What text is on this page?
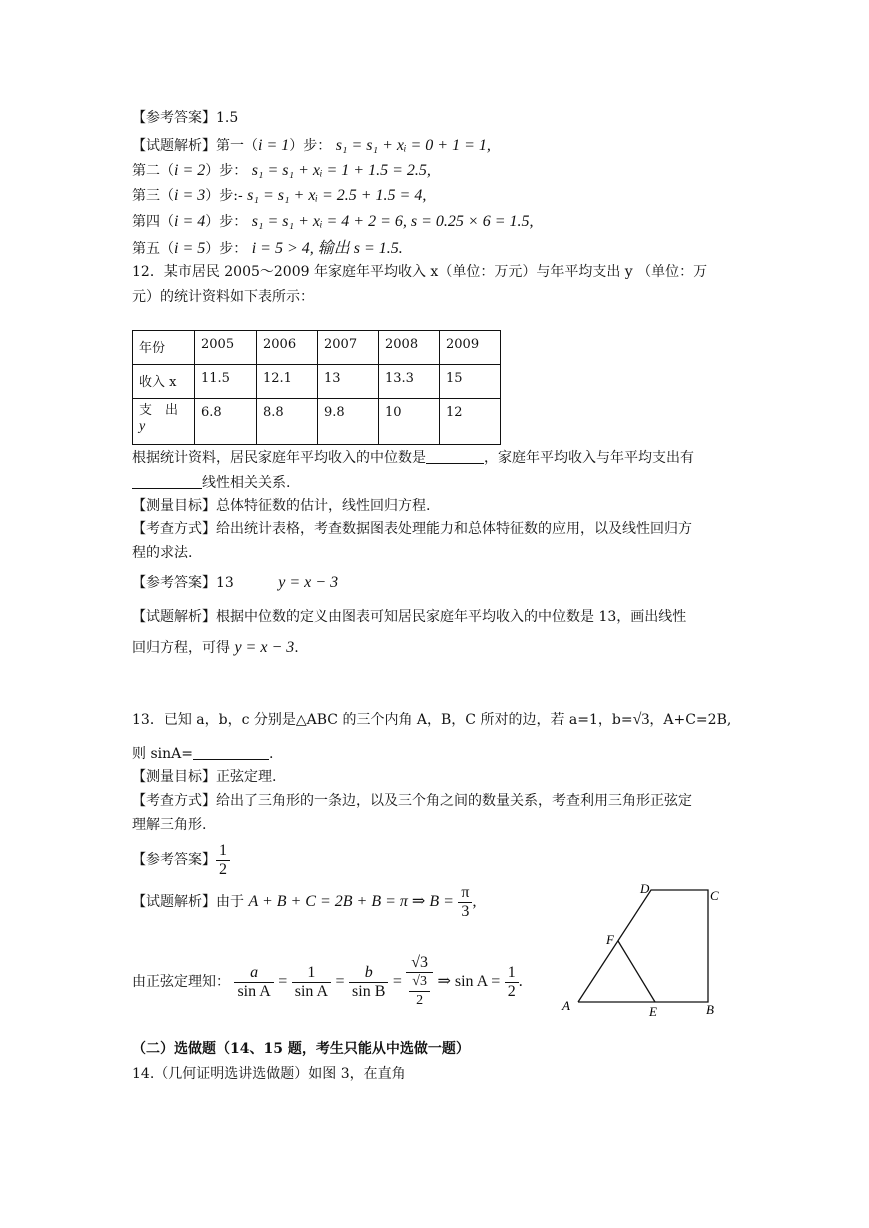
【参考答案】1.5
【试题解析】第一（i = 1）步： s₁ = s₁ + xᵢ = 0 + 1 = 1,
第二（i = 2）步： s₁ = s₁ + xᵢ = 1 + 1.5 = 2.5,
第三（i = 3）步:- s₁ = s₁ + xᵢ = 2.5 + 1.5 = 4,
第四（i = 4）步： s₁ = s₁ + xᵢ = 4 + 2 = 6, s = 0.25 × 6 = 1.5,
第五（i = 5）步： i = 5 > 4, 输出 s = 1.5.
12．某市居民 2005～2009 年家庭年平均收入 x（单位：万元）与年平均支出 y （单位：万
元）的统计资料如下表所示：
年份	2005	2006	2007	2008	2009
收入 x	11.5	12.1	13	13.3	15
支　出
y	6.8	8.8	9.8	10	12
根据统计资料，居民家庭年平均收入的中位数是	，家庭年平均收入与年平均支出有
线性相关关系.
【测量目标】总体特征数的估计，线性回归方程.
【考查方式】给出统计表格，考查数据图表处理能力和总体特征数的应用，以及线性回归方
程的求法.
【参考答案】13	y = x − 3
【试题解析】根据中位数的定义由图表可知居民家庭年平均收入的中位数是 13，画出线性
回归方程，可得 y = x − 3.
13．已知 a，b，c 分别是△ABC 的三个内角 A，B，C 所对的边，若 a=1，b=√3，A+C=2B,
则 sinA=	.
【测量目标】正弦定理.
【考查方式】给出了三角形的一条边，以及三个角之间的数量关系，考查利用三角形正弦定
理解三角形.
【参考答案】 $\frac{1}{2}$
【试题解析】由于 A + B + C = 2B + B = π ⇒ $B = \frac{\pi}{3}$ ,
由正弦定理知： $\frac{a}{\text{sin A}} = \frac{1}{\text{sin A}} = \frac{b}{\text{sin B}} = \frac{√3}{\frac{√3}{2}}$ ⇒ $\sin A = \frac{1}{2}$ .
D	C
F
A	E	B
（二）选做题（14、15 题，考生只能从中选做一题）
14.（几何证明选讲选做题）如图 3，在直角
